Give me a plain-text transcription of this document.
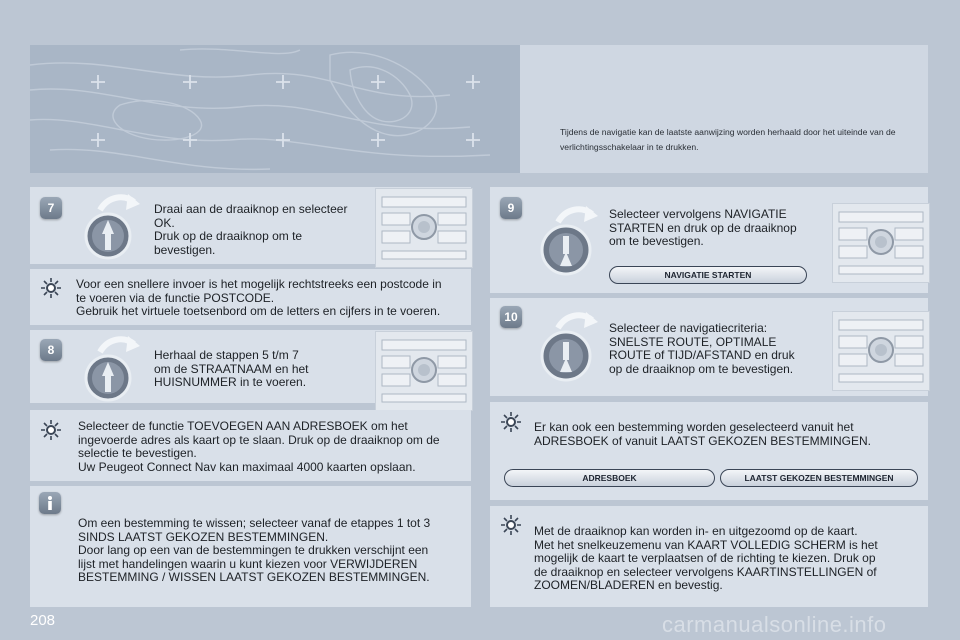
Tijdens de navigatie kan de laatste aanwijzing worden herhaald door het uiteinde van de verlichtingsschakelaar in te drukken.
7	Draai aan de draaiknop en selecteer
OK.
Druk op de draaiknop om te
bevestigen.
Voor een snellere invoer is het mogelijk rechtstreeks een postcode in
te voeren via de functie POSTCODE.
Gebruik het virtuele toetsenbord om de letters en cijfers in te voeren.
8	Herhaal de stappen 5 t/m 7
om de STRAATNAAM en het
HUISNUMMER in te voeren.
Selecteer de functie TOEVOEGEN AAN ADRESBOEK om het
ingevoerde adres als kaart op te slaan. Druk op de draaiknop om de
selectie te bevestigen.
Uw Peugeot Connect Nav kan maximaal 4000 kaarten opslaan.
Om een bestemming te wissen; selecteer vanaf de etappes 1 tot 3
SINDS LAATST GEKOZEN BESTEMMINGEN.
Door lang op een van de bestemmingen te drukken verschijnt een
lijst met handelingen waarin u kunt kiezen voor VERWIJDEREN
BESTEMMING / WISSEN LAATST GEKOZEN BESTEMMINGEN.
9	Selecteer vervolgens NAVIGATIE
STARTEN en druk op de draaiknop
om te bevestigen.
NAVIGATIE STARTEN
10
Selecteer de navigatiecriteria:
SNELSTE ROUTE, OPTIMALE
ROUTE of TIJD/AFSTAND en druk
op de draaiknop om te bevestigen.
Er kan ook een bestemming worden geselecteerd vanuit het
ADRESBOEK of vanuit LAATST GEKOZEN BESTEMMINGEN.
ADRESBOEK	LAATST GEKOZEN BESTEMMINGEN
Met de draaiknop kan worden in- en uitgezoomd op de kaart.
Met het snelkeuzemenu van KAART VOLLEDIG SCHERM is het
mogelijk de kaart te verplaatsen of de richting te kiezen. Druk op
de draaiknop en selecteer vervolgens KAARTINSTELLINGEN of
ZOOMEN/BLADEREN en bevestig.
208	carmanualsonline.info
